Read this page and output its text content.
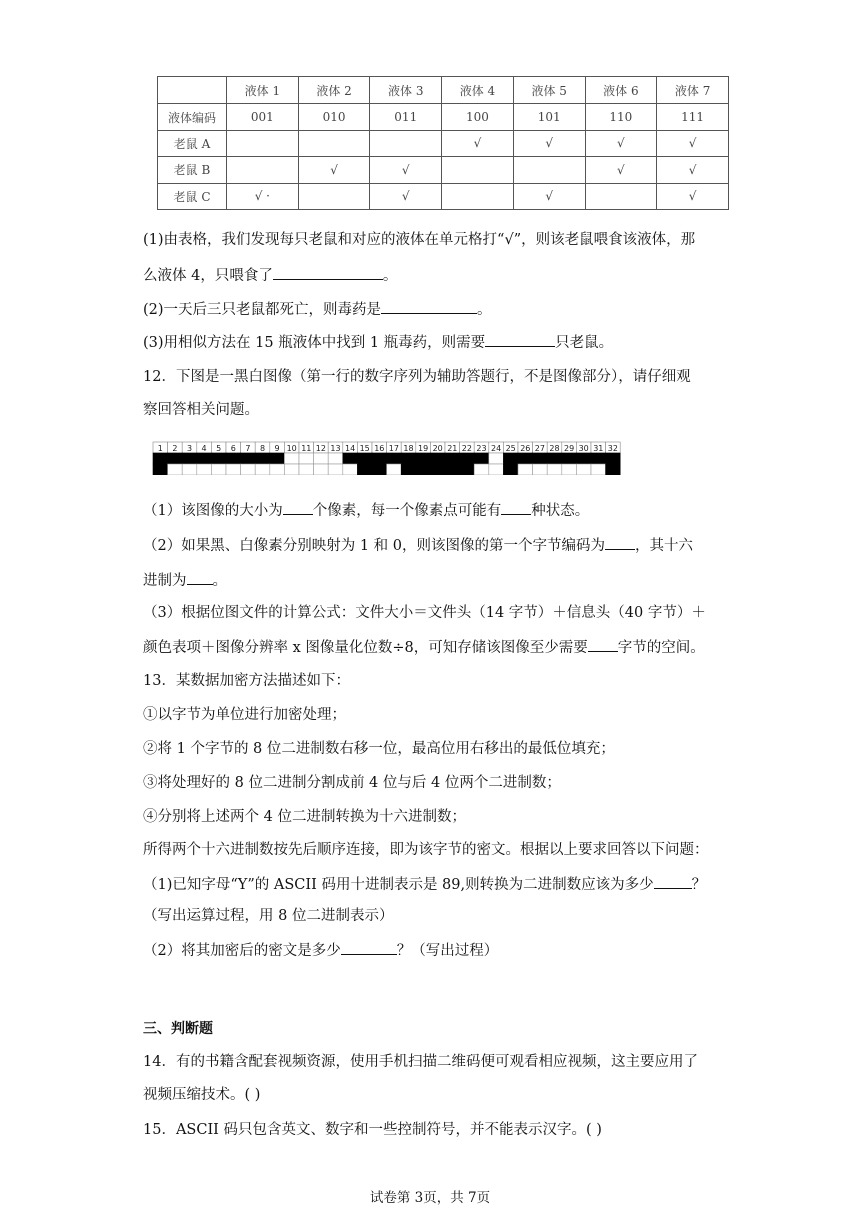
	液体 1	液体 2	液体 3	液体 4	液体 5	液体 6	液体 7
液体编码	001	010	011	100	101	110	111
老鼠 A				√	√	√	√
老鼠 B		√	√			√	√
老鼠 C	√ ·		√		√		√
(1)由表格，我们发现每只老鼠和对应的液体在单元格打“√”，则该老鼠喂食该液体，那
么液体 4，只喂食了	。
(2)一天后三只老鼠都死亡，则毒药是	。
(3)用相似方法在 15 瓶液体中找到 1 瓶毒药，则需要	只老鼠。
12．下图是一黑白图像（第一行的数字序列为辅助答题行，不是图像部分），请仔细观
察回答相关问题。
1 2 3 4 5 6 7 8 9 10 11 12 13 14 15 16 17 18 19 20 21 22 23 24 25 26 27 28 29 30 31 32
（1）该图像的大小为 个像素，每一个像素点可能有 种状态。
（2）如果黑、白像素分别映射为 1 和 0，则该图像的第一个字节编码为 ，其十六
进制为 。
（3）根据位图文件的计算公式：文件大小＝文件头（14 字节）＋信息头（40 字节）＋
颜色表项＋图像分辨率 x 图像量化位数÷8，可知存储该图像至少需要 字节的空间。
13．某数据加密方法描述如下：
①以字节为单位进行加密处理；
②将 1 个字节的 8 位二进制数右移一位，最高位用右移出的最低位填充；
③将处理好的 8 位二进制分割成前 4 位与后 4 位两个二进制数；
④分别将上述两个 4 位二进制转换为十六进制数；
所得两个十六进制数按先后顺序连接，即为该字节的密文。根据以上要求回答以下问题：
（1)已知字母“Y”的 ASCII 码用十进制表示是 89,则转换为二进制数应该为多少	？
（写出运算过程，用 8 位二进制表示）
（2）将其加密后的密文是多少	？（写出过程）
三、判断题
14．有的书籍含配套视频资源，使用手机扫描二维码便可观看相应视频，这主要应用了
视频压缩技术。( )
15．ASCII 码只包含英文、数字和一些控制符号，并不能表示汉字。( )
试卷第 3页，共 7页
